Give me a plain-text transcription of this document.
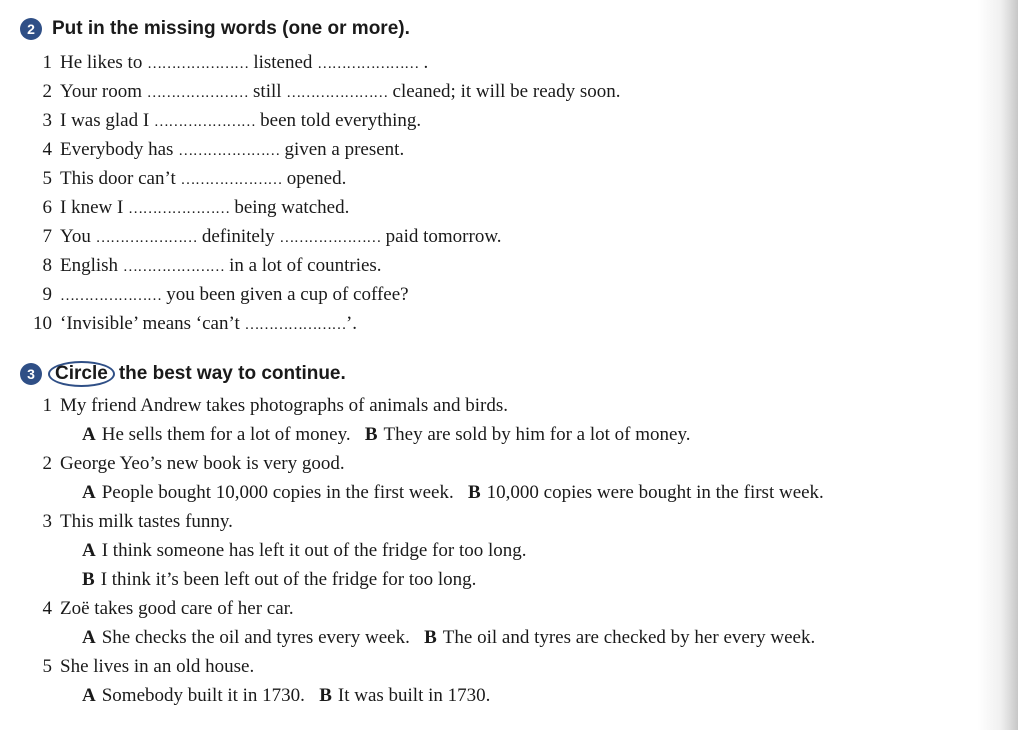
2 Put in the missing words (one or more).
1 He likes to ………………… listened ………………… .
2 Your room ………………… still ………………… cleaned; it will be ready soon.
3 I was glad I ………………… been told everything.
4 Everybody has ………………… given a present.
5 This door can’t ………………… opened.
6 I knew I ………………… being watched.
7 You ………………… definitely ………………… paid tomorrow.
8 English ………………… in a lot of countries.
9 ………………… you been given a cup of coffee?
10 ‘Invisible’ means ‘can’t …………………’.
3	Circle the best way to continue.
1 My friend Andrew takes photographs of animals and birds.
A He sells them for a lot of money. B They are sold by him for a lot of money.
2 George Yeo’s new book is very good.
A People bought 10,000 copies in the first week. B 10,000 copies were bought in the first week.
3 This milk tastes funny.
A I think someone has left it out of the fridge for too long.
B I think it’s been left out of the fridge for too long.
4 Zoë takes good care of her car.
A She checks the oil and tyres every week. B The oil and tyres are checked by her every week.
5 She lives in an old house.
A Somebody built it in 1730. B It was built in 1730.
